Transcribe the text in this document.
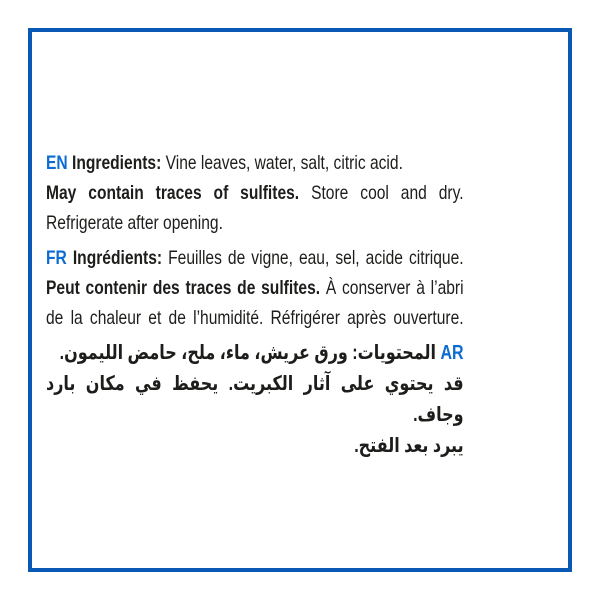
EN Ingredients: Vine leaves, water, salt, citric acid.
May contain traces of sulfites. Store cool and dry.
Refrigerate after opening.

FR Ingrédients: Feuilles de vigne, eau, sel, acide citrique.
Peut contenir des traces de sulfites. À conserver à l’abri
de la chaleur et de l’humidité. Réfrigérer après ouverture.

AR المحتويات: ورق عريش، ماء، ملح، حامض الليمون.
قد يحتوي على آثار الكبريت. يحفظ في مكان بارد وجاف.
يبرد بعد الفتح.
